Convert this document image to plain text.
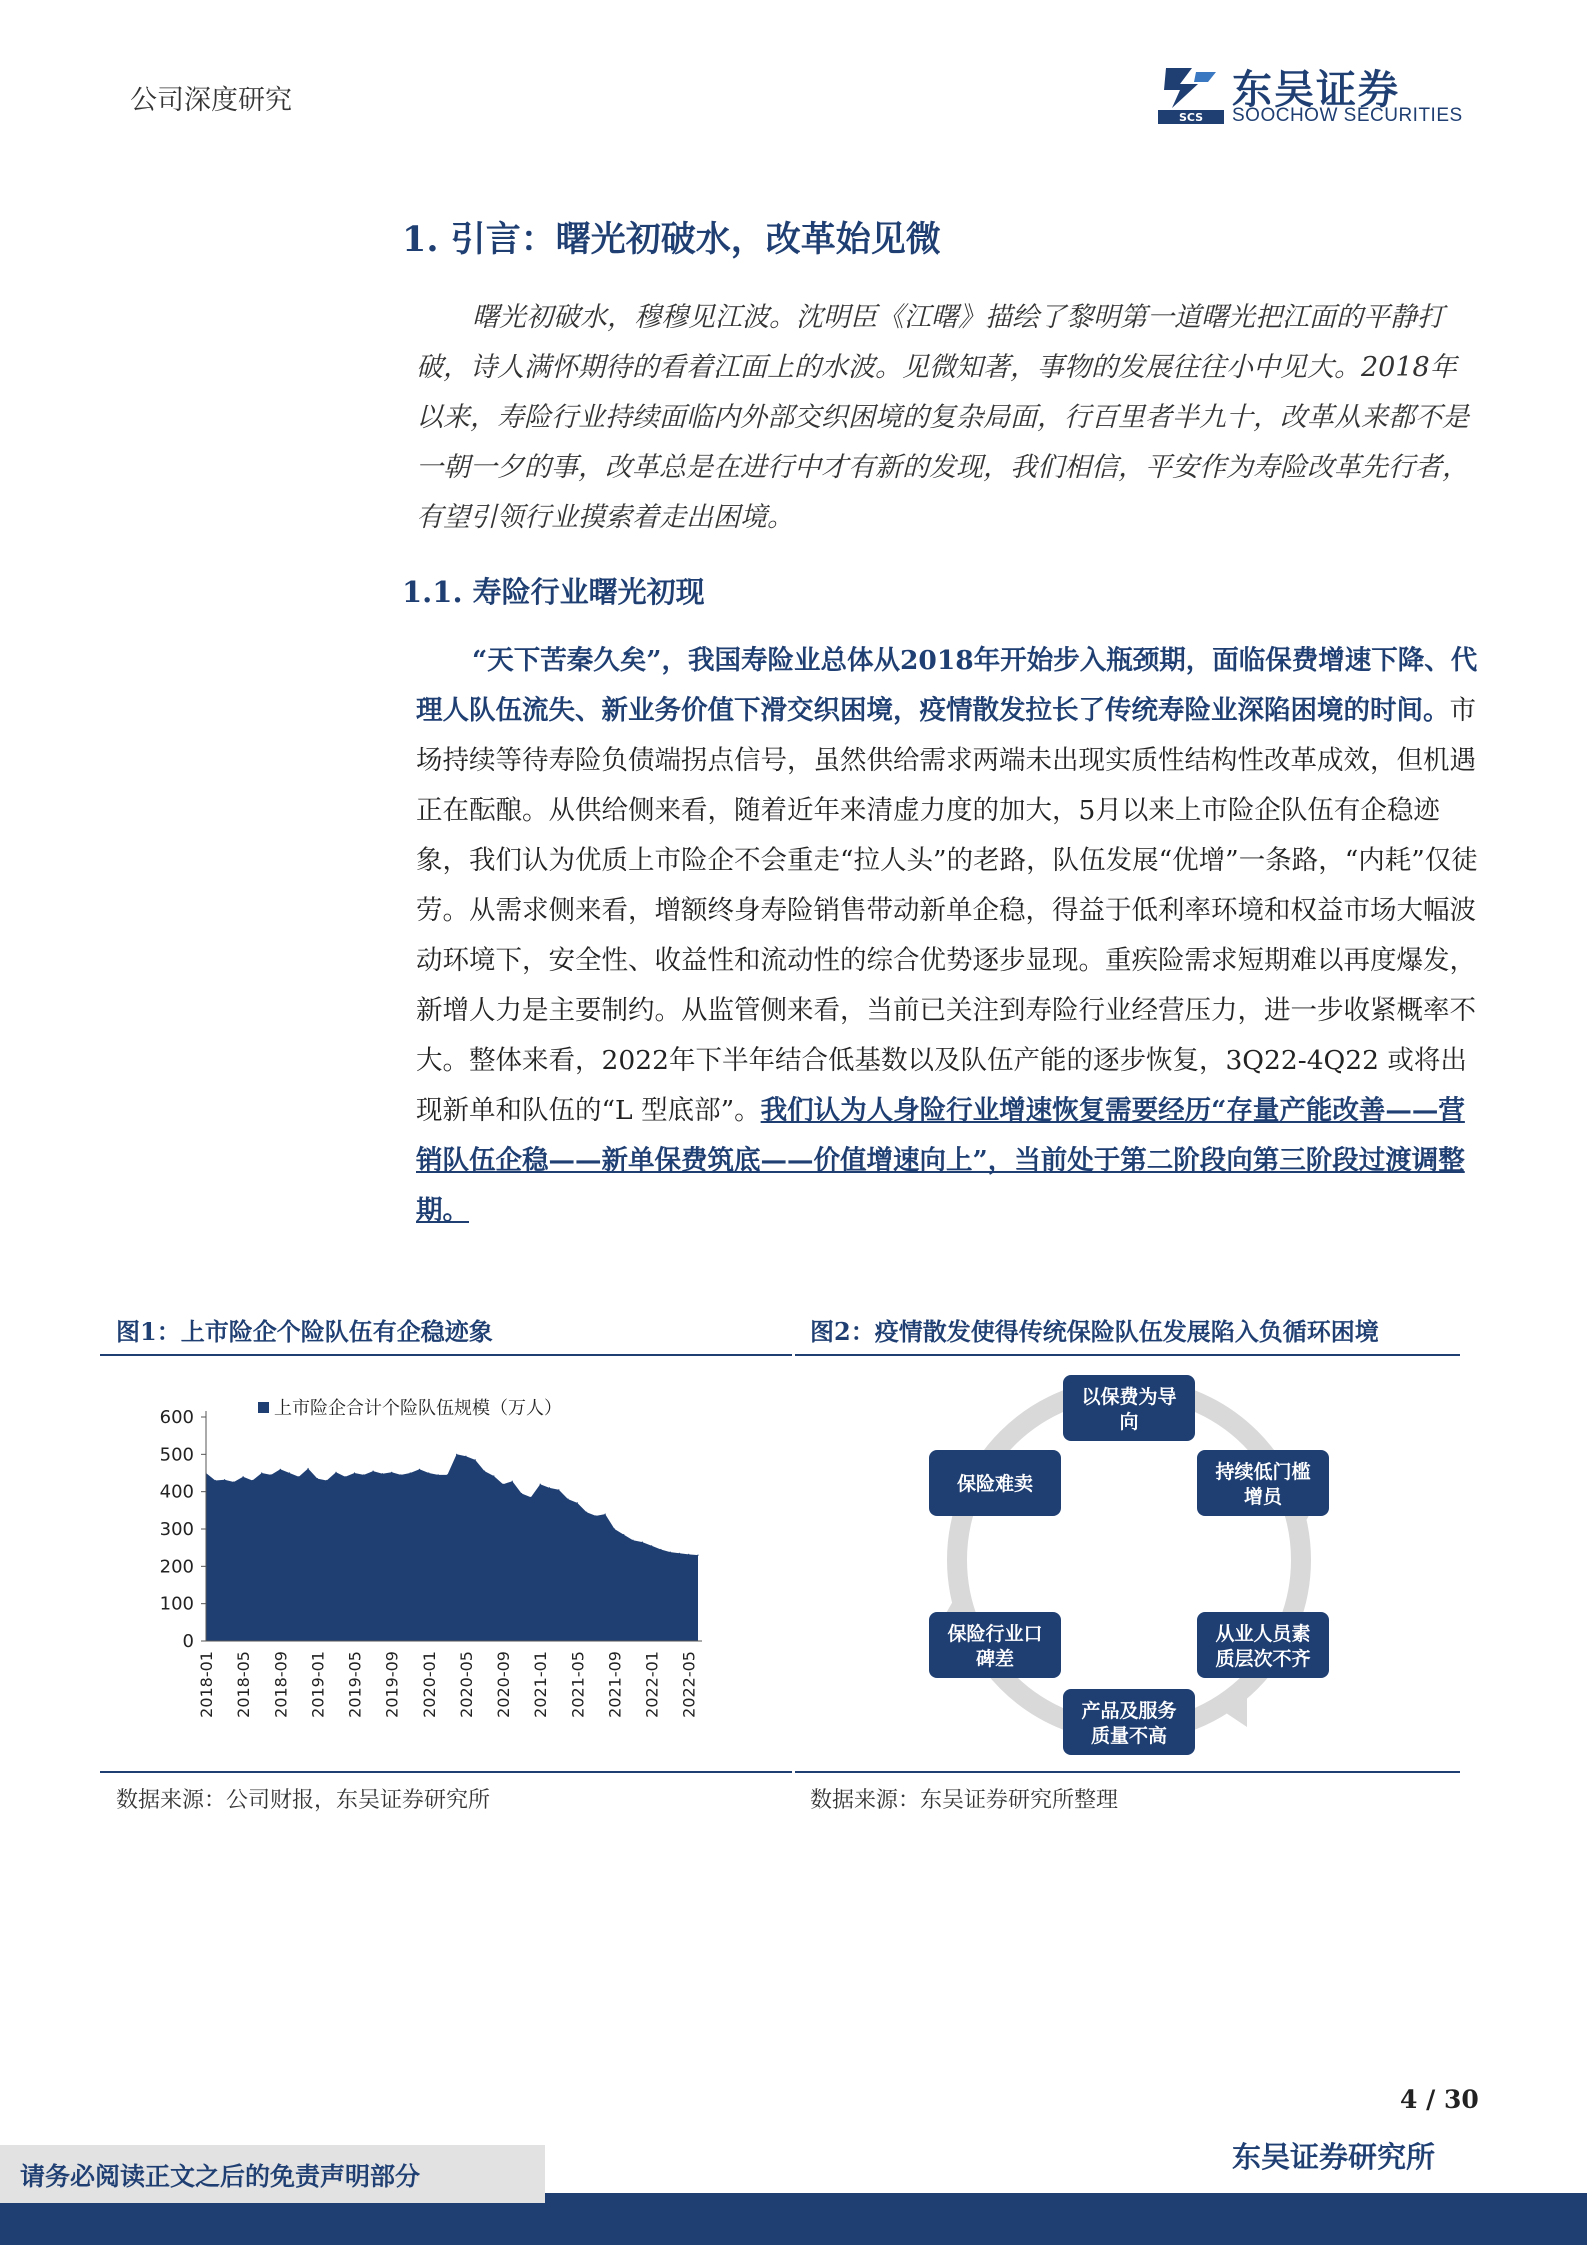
公司深度研究
SCS
东吴证券
SOOCHOW SECURITIES
1. 引言：曙光初破水，改革始见微

曙光初破水，穆穆见江波。沈明臣《江曙》描绘了黎明第一道曙光把江面的平静打破，诗人满怀期待的看着江面上的水波。见微知著，事物的发展往往小中见大。2018年以来，寿险行业持续面临内外部交织困境的复杂局面，行百里者半九十，改革从来都不是一朝一夕的事，改革总是在进行中才有新的发现，我们相信，平安作为寿险改革先行者，有望引领行业摸索着走出困境。

1.1. 寿险行业曙光初现

“天下苦秦久矣”，我国寿险业总体从2018年开始步入瓶颈期，面临保费增速下降、代理人队伍流失、新业务价值下滑交织困境，疫情散发拉长了传统寿险业深陷困境的时间。市场持续等待寿险负债端拐点信号，虽然供给需求两端未出现实质性结构性改革成效，但机遇正在酝酿。从供给侧来看，随着近年来清虚力度的加大，5月以来上市险企队伍有企稳迹象，我们认为优质上市险企不会重走“拉人头”的老路，队伍发展“优增”一条路，“内耗”仅徒劳。从需求侧来看，增额终身寿险销售带动新单企稳，得益于低利率环境和权益市场大幅波动环境下，安全性、收益性和流动性的综合优势逐步显现。重疾险需求短期难以再度爆发，新增人力是主要制约。从监管侧来看，当前已关注到寿险行业经营压力，进一步收紧概率不大。整体来看，2022年下半年结合低基数以及队伍产能的逐步恢复，3Q22-4Q22 或将出现新单和队伍的“L 型底部”。我们认为人身险行业增速恢复需要经历“存量产能改善——营销队伍企稳——新单保费筑底——价值增速向上”，当前处于第二阶段向第三阶段过渡调整期。

图1：上市险企个险队伍有企稳迹象
0
100
200
300
400
500
600
2018-01 2018-05 2018-09 2019-01 2019-05 2019-09 2020-01 2020-05 2020-09 2021-01 2021-05 2021-09 2022-01 2022-05
上市险企合计个险队伍规模（万人）
数据来源：公司财报，东吴证券研究所
图2：疫情散发使得传统保险队伍发展陷入负循环困境
以保费为导
向
持续低门槛
增员
从业人员素
质层次不齐
产品及服务
质量不高
保险行业口
碑差
保险难卖
数据来源：东吴证券研究所整理
4 / 30
东吴证券研究所
请务必阅读正文之后的免责声明部分
